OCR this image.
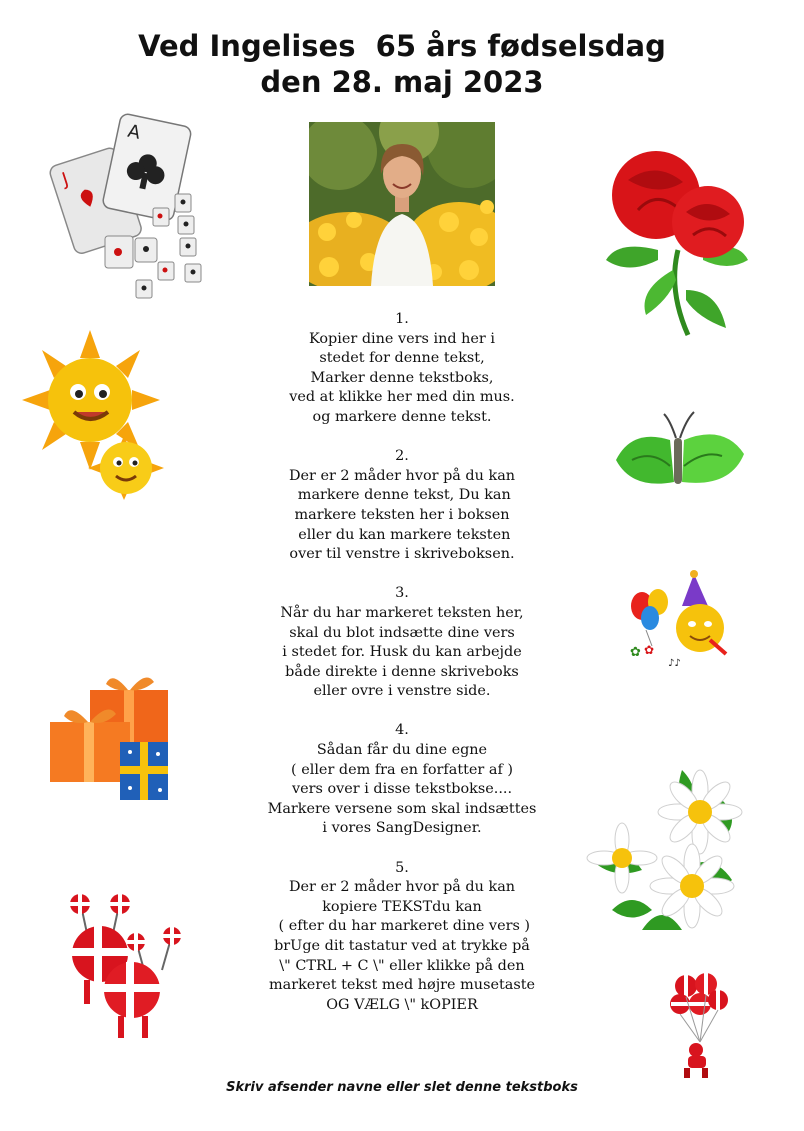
Ved Ingelises  65 års fødselsdag
den 28. maj 2023
1.
Kopier dine vers ind her i
stedet for denne tekst,
Marker denne tekstboks,
ved at klikke her med din mus.
og markere denne tekst.
2.
Der er 2 måder hvor på du kan
markere denne tekst, Du kan
markere teksten her i boksen
eller du kan markere teksten
over til venstre i skriveboksen.
3.
Når du har markeret teksten her,
skal du blot indsætte dine vers
i stedet for. Husk du kan arbejde
både direkte i denne skriveboks
eller ovre i venstre side.
4.
Sådan får du dine egne
( eller dem fra en forfatter af )
vers over i disse tekstbokse....
Markere versene som skal indsættes
i vores SangDesigner.
5.
Der er 2 måder hvor på du kan
kopiere TEKSTdu kan
( efter du har markeret dine vers )
brUge dit tastatur ved at trykke på
\" CTRL + C \" eller klikke på den
markeret tekst med højre musetaste
OG VÆLG \" kOPIER
Skriv afsender navne eller slet denne tekstboks
J
A
✿ ✿
♪♪
